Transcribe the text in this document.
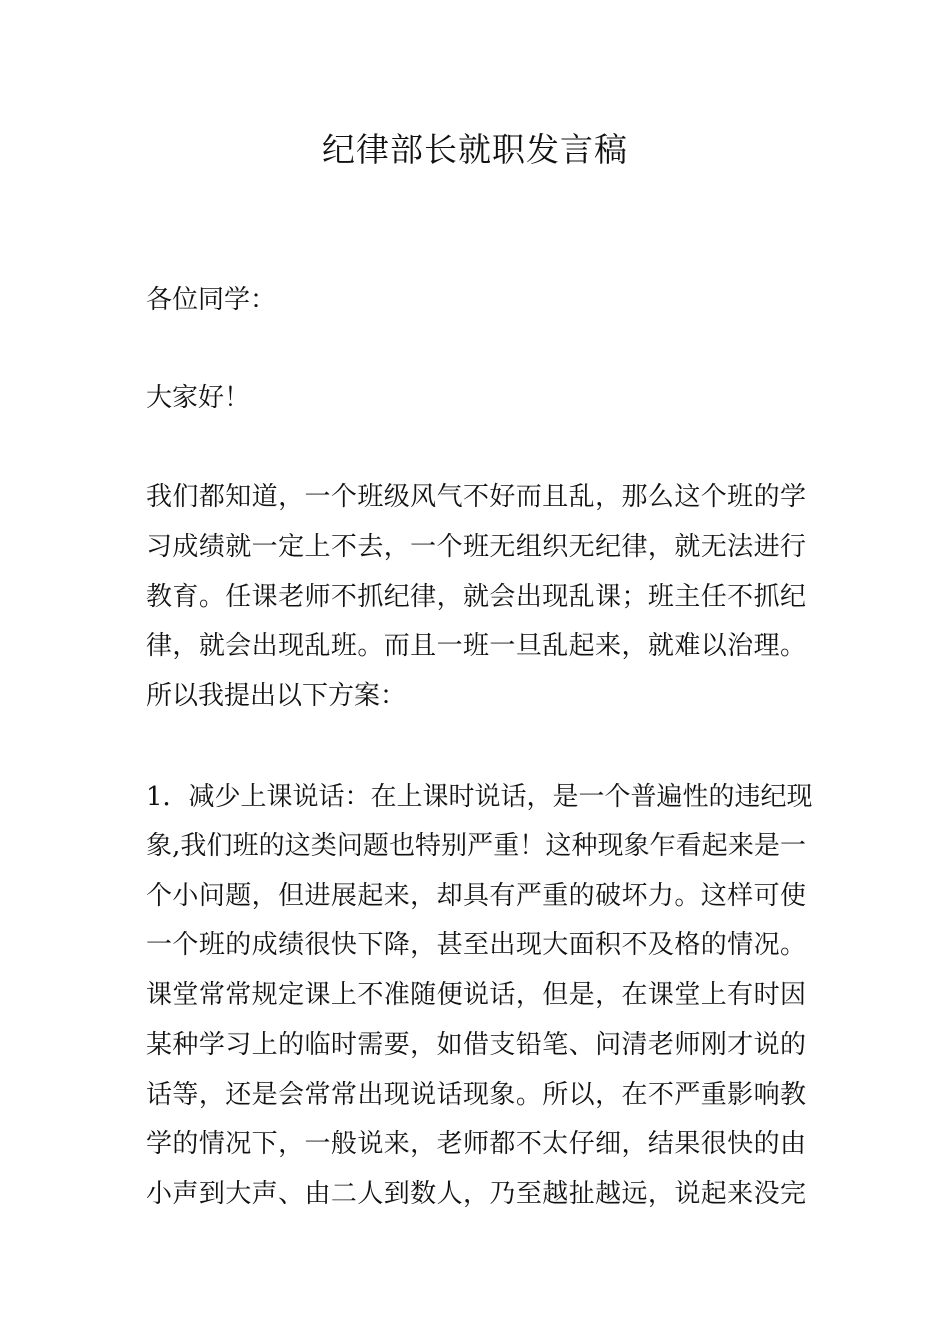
纪律部长就职发言稿

各位同学：

大家好！

我们都知道，一个班级风气不好而且乱，那么这个班的学

习成绩就一定上不去，一个班无组织无纪律，就无法进行

教育。任课老师不抓纪律，就会出现乱课；班主任不抓纪

律，就会出现乱班。而且一班一旦乱起来，就难以治理。

所以我提出以下方案：

1．减少上课说话：在上课时说话，是一个普遍性的违纪现

象,我们班的这类问题也特别严重！这种现象乍看起来是一

个小问题，但进展起来，却具有严重的破坏力。这样可使

一个班的成绩很快下降，甚至出现大面积不及格的情况。

课堂常常规定课上不准随便说话，但是，在课堂上有时因

某种学习上的临时需要，如借支铅笔、问清老师刚才说的

话等，还是会常常出现说话现象。所以，在不严重影响教

学的情况下，一般说来，老师都不太仔细，结果很快的由

小声到大声、由二人到数人，乃至越扯越远，说起来没完
